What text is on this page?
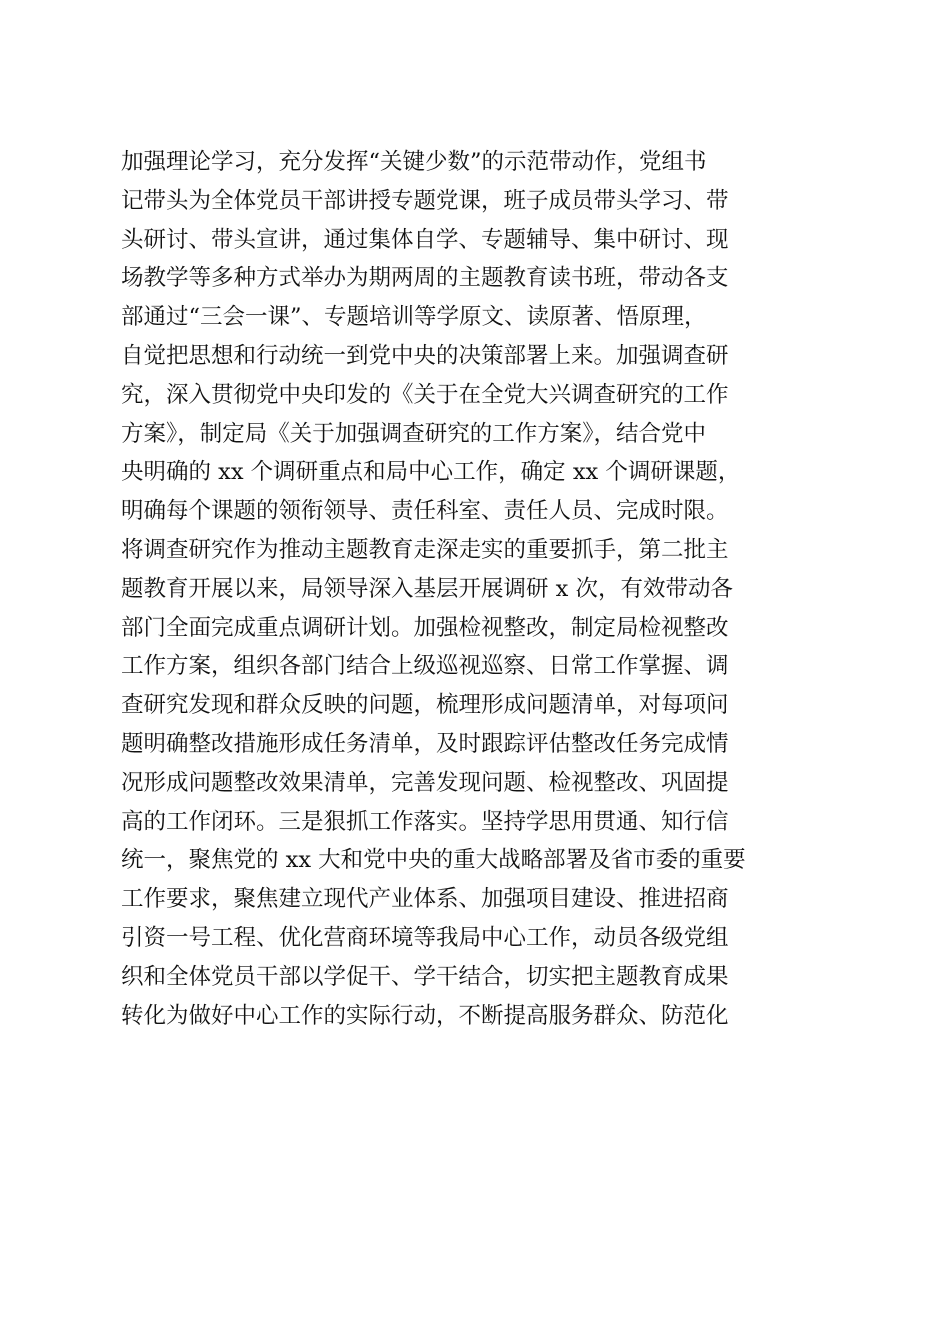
加强理论学习，充分发挥“关键少数”的示范带动作，党组书
记带头为全体党员干部讲授专题党课，班子成员带头学习、带
头研讨、带头宣讲，通过集体自学、专题辅导、集中研讨、现
场教学等多种方式举办为期两周的主题教育读书班，带动各支
部通过“三会一课”、专题培训等学原文、读原著、悟原理，
自觉把思想和行动统一到党中央的决策部署上来。加强调查研
究，深入贯彻党中央印发的《关于在全党大兴调查研究的工作
方案》，制定局《关于加强调查研究的工作方案》，结合党中
央明确的 xx 个调研重点和局中心工作，确定 xx 个调研课题，
明确每个课题的领衔领导、责任科室、责任人员、完成时限。
将调查研究作为推动主题教育走深走实的重要抓手，第二批主
题教育开展以来，局领导深入基层开展调研 x 次，有效带动各
部门全面完成重点调研计划。加强检视整改，制定局检视整改
工作方案，组织各部门结合上级巡视巡察、日常工作掌握、调
查研究发现和群众反映的问题，梳理形成问题清单，对每项问
题明确整改措施形成任务清单，及时跟踪评估整改任务完成情
况形成问题整改效果清单，完善发现问题、检视整改、巩固提
高的工作闭环。三是狠抓工作落实。坚持学思用贯通、知行信
统一，聚焦党的 xx 大和党中央的重大战略部署及省市委的重要
工作要求，聚焦建立现代产业体系、加强项目建设、推进招商
引资一号工程、优化营商环境等我局中心工作，动员各级党组
织和全体党员干部以学促干、学干结合，切实把主题教育成果
转化为做好中心工作的实际行动，不断提高服务群众、防范化
